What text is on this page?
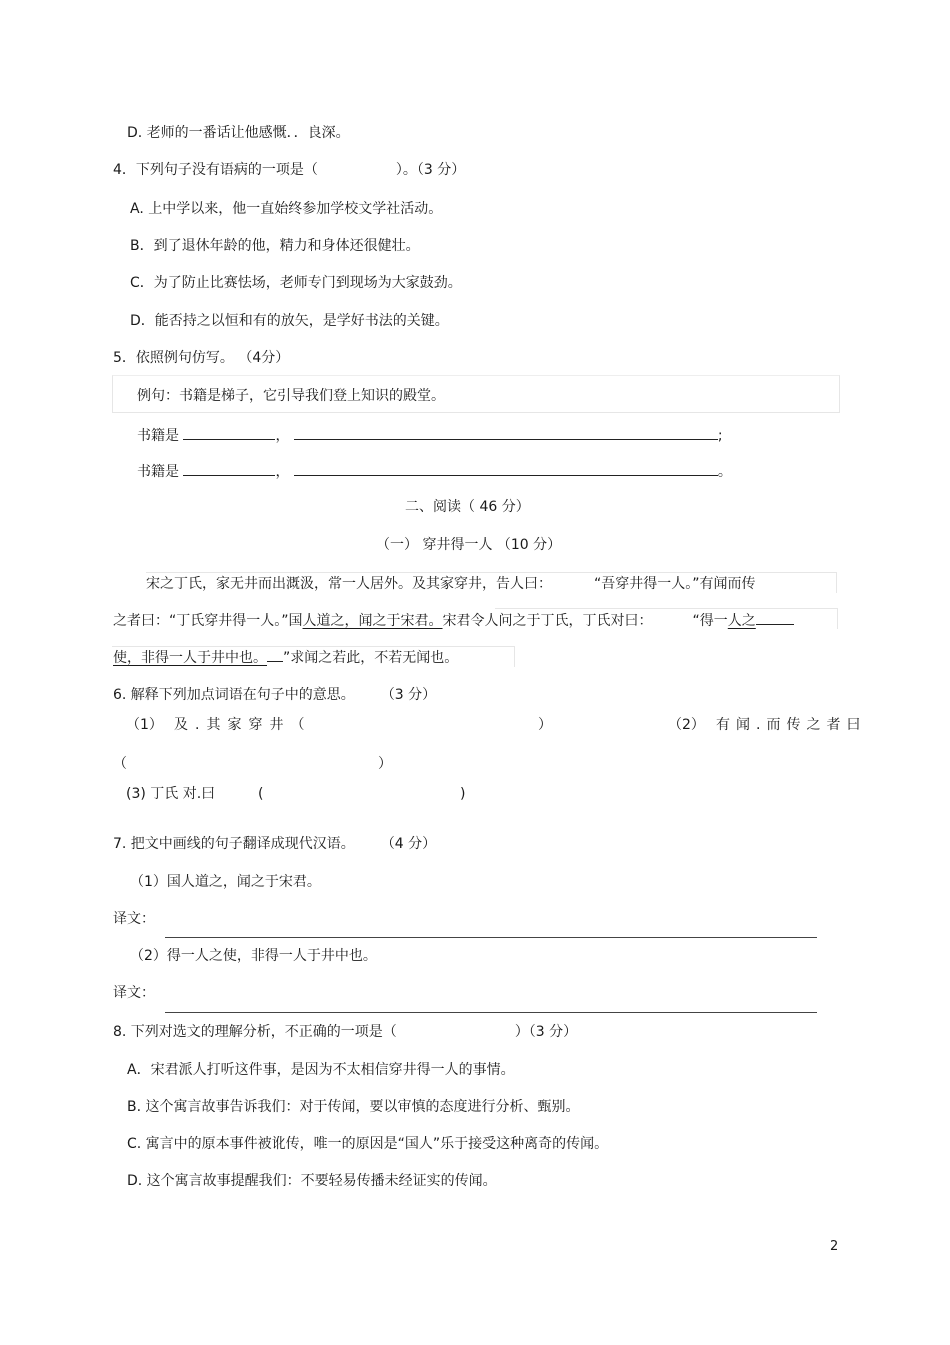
D. 老师的一番话让他感慨．．良深。
4．下列句子没有语病的一项是（	）。（3 分）
A. 上中学以来，他一直始终参加学校文学社活动。
B．到了退休年龄的他，精力和身体还很健壮。
C．为了防止比赛怯场，老师专门到现场为大家鼓劲。
D．能否持之以恒和有的放矢，是学好书法的关键。
5．依照例句仿写。 （4分）
例句：书籍是梯子，它引导我们登上知识的殿堂。
书籍是	，	;
书籍是	，	。
二、阅读（ 46 分）
（一） 穿井得一人 （10 分）
宋之丁氏，家无井而出溉汲，常一人居外。及其家穿井，告人曰：	“吾穿井得一人。”有闻而传
之者曰：“丁氏穿井得一人。”国人道之，闻之于宋君。宋君令人问之于丁氏，丁氏对曰：	“得一人之
使，非得一人于井中也。 ”求闻之若此，不若无闻也。
6. 解释下列加点词语在句子中的意思。 （3 分）
（1） 及.其家穿井（	）	（2） 有闻.而传之者曰
（	）
(3) 丁氏 对.曰	(	)
7. 把文中画线的句子翻译成现代汉语。 （4 分）
（1）国人道之，闻之于宋君。
译文：
（2）得一人之使，非得一人于井中也。
译文：
8. 下列对选文的理解分析，不正确的一项是（	）（3 分）
A．宋君派人打听这件事，是因为不太相信穿井得一人的事情。
B. 这个寓言故事告诉我们：对于传闻，要以审慎的态度进行分析、甄别。
C. 寓言中的原本事件被讹传，唯一的原因是“国人”乐于接受这种离奇的传闻。
D. 这个寓言故事提醒我们：不要轻易传播未经证实的传闻。
2
